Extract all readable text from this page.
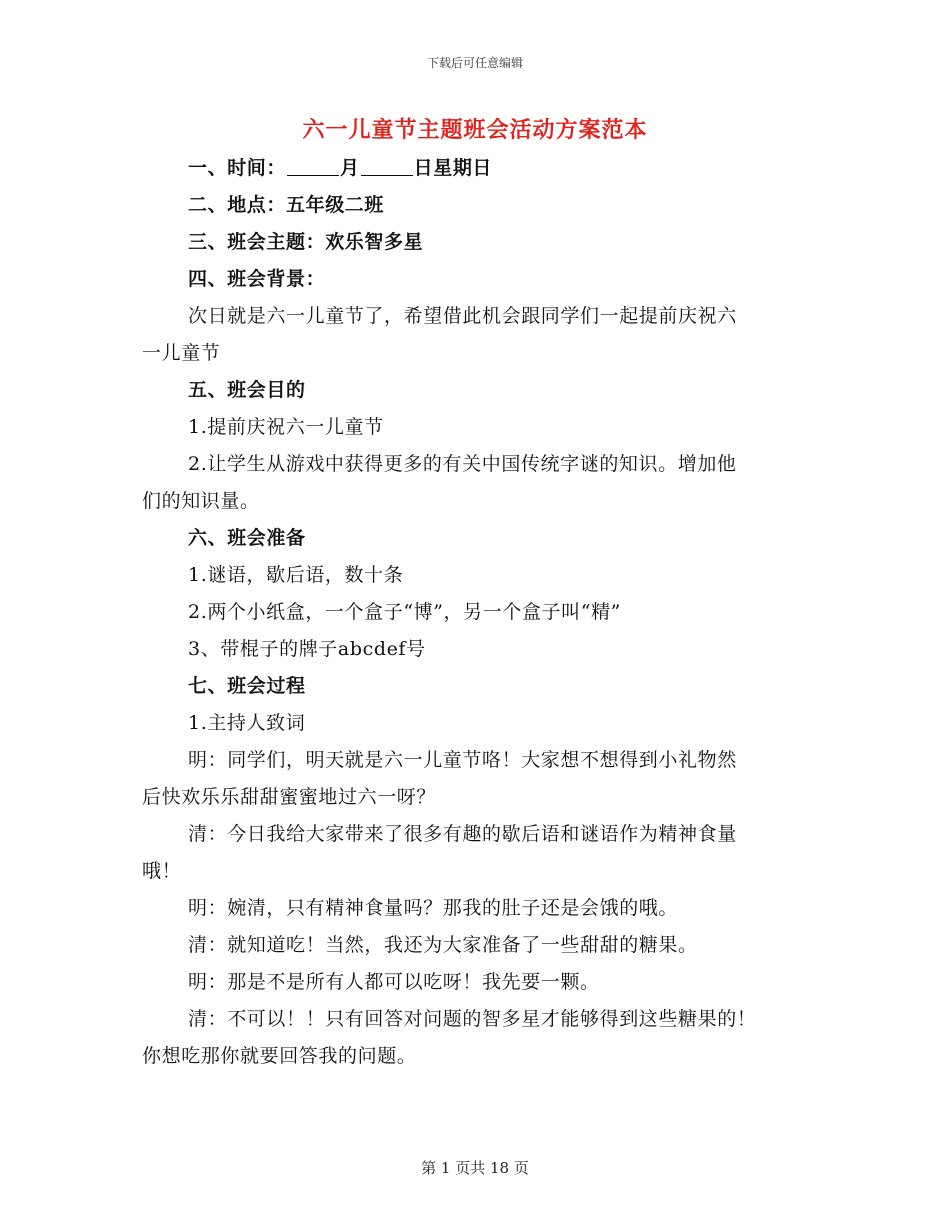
下载后可任意编辑
六一儿童节主题班会活动方案范本
一、时间：	月	日星期日
二、地点：五年级二班
三、班会主题：欢乐智多星
四、班会背景：
次日就是六一儿童节了，希望借此机会跟同学们一起提前庆祝六
一儿童节
五、班会目的
1.提前庆祝六一儿童节
2.让学生从游戏中获得更多的有关中国传统字谜的知识。增加他
们的知识量。
六、班会准备
1.谜语，歇后语，数十条
2.两个小纸盒，一个盒子“博”，另一个盒子叫“精”
3、带棍子的牌子abcdef号
七、班会过程
1.主持人致词
明：同学们，明天就是六一儿童节咯！大家想不想得到小礼物然
后快欢乐乐甜甜蜜蜜地过六一呀？
清：今日我给大家带来了很多有趣的歇后语和谜语作为精神食量
哦！
明：婉清，只有精神食量吗？那我的肚子还是会饿的哦。
清：就知道吃！当然，我还为大家准备了一些甜甜的糖果。
明：那是不是所有人都可以吃呀！我先要一颗。
清：不可以！！只有回答对问题的智多星才能够得到这些糖果的！
你想吃那你就要回答我的问题。
第 1 页共 18 页
